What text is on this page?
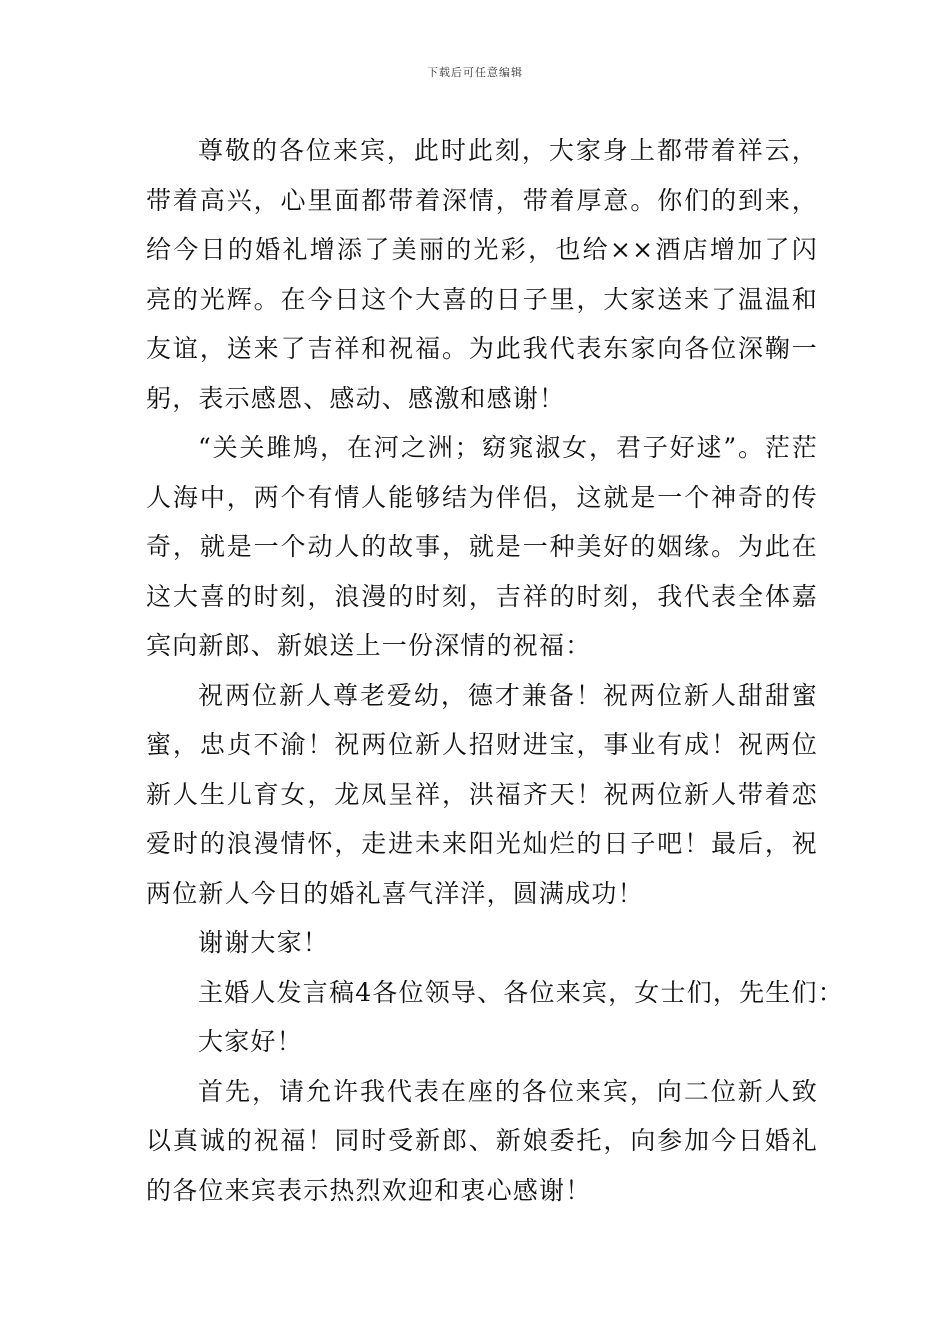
下载后可任意编辑

尊敬的各位来宾，此时此刻，大家身上都带着祥云，带着高兴，心里面都带着深情，带着厚意。你们的到来，给今日的婚礼增添了美丽的光彩，也给××酒店增加了闪亮的光辉。在今日这个大喜的日子里，大家送来了温温和友谊，送来了吉祥和祝福。为此我代表东家向各位深鞠一躬，表示感恩、感动、感激和感谢！

“关关雎鸠，在河之洲；窈窕淑女，君子好逑”。茫茫人海中，两个有情人能够结为伴侣，这就是一个神奇的传奇，就是一个动人的故事，就是一种美好的姻缘。为此在这大喜的时刻，浪漫的时刻，吉祥的时刻，我代表全体嘉宾向新郎、新娘送上一份深情的祝福：

祝两位新人尊老爱幼，德才兼备！祝两位新人甜甜蜜蜜，忠贞不渝！祝两位新人招财进宝，事业有成！祝两位新人生儿育女，龙凤呈祥，洪福齐天！祝两位新人带着恋爱时的浪漫情怀，走进未来阳光灿烂的日子吧！最后，祝两位新人今日的婚礼喜气洋洋，圆满成功！

谢谢大家！

主婚人发言稿4各位领导、各位来宾，女士们，先生们：

大家好！

首先，请允许我代表在座的各位来宾，向二位新人致以真诚的祝福！同时受新郎、新娘委托，向参加今日婚礼的各位来宾表示热烈欢迎和衷心感谢！
